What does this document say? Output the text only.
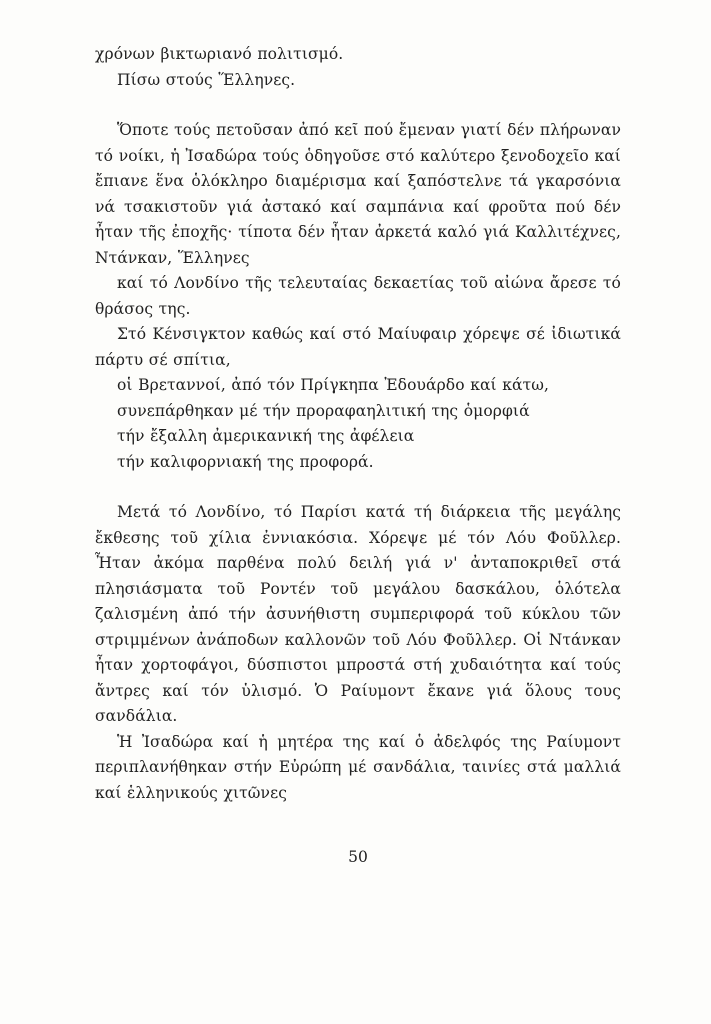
χρόνων βικτωριανό πολιτισμό.

Πίσω στούς Ἕλληνες.

Ὅποτε τούς πετοῦσαν ἀπό κεῖ πού ἔμεναν γιατί δέν πλήρωναν τό νοίκι, ἡ Ἰσαδώρα τούς ὁδηγοῦσε στό καλύτερο ξενοδοχεῖο καί ἔπιανε ἕνα ὁλόκληρο διαμέρισμα καί ξαπόστελνε τά γκαρσόνια νά τσακιστοῦν γιά ἀστακό καί σαμπάνια καί φροῦτα πού δέν ἦταν τῆς ἐποχῆς· τίποτα δέν ἦταν ἀρκετά καλό γιά Καλλιτέχνες, Ντάνκαν, Ἕλληνες

καί τό Λονδίνο τῆς τελευταίας δεκαετίας τοῦ αἰώνα ἄρεσε τό θράσος της.

Στό Κένσιγκτον καθώς καί στό Μαίυφαιρ χόρεψε σέ ἰδιωτικά πάρτυ σέ σπίτια,

οἱ Βρεταννοί, ἀπό τόν Πρίγκηπα Ἐδουάρδο καί κάτω,

συνεπάρθηκαν μέ τήν προραφαηλιτική της ὁμορφιά

τήν ἔξαλλη ἀμερικανική της ἀφέλεια

τήν καλιφορνιακή της προφορά.

Μετά τό Λονδίνο, τό Παρίσι κατά τή διάρκεια τῆς μεγάλης ἔκθεσης τοῦ χίλια ἐννιακόσια. Χόρεψε μέ τόν Λόυ Φοῦλλερ. Ἦταν ἀκόμα παρθένα πολύ δειλή γιά ν' ἀνταποκριθεῖ στά πλησιάσματα τοῦ Ροντέν τοῦ μεγάλου δασκάλου, ὁλότελα ζαλισμένη ἀπό τήν ἀσυνήθιστη συμπεριφορά τοῦ κύκλου τῶν στριμμένων ἀνάποδων καλλονῶν τοῦ Λόυ Φοῦλλερ. Οἱ Ντάνκαν ἦταν χορτοφάγοι, δύσπιστοι μπροστά στή χυδαιότητα καί τούς ἄντρες καί τόν ὑλισμό. Ὁ Ραίυμοντ ἔκανε γιά ὅλους τους σανδάλια.

Ἡ Ἰσαδώρα καί ἡ μητέρα της καί ὁ ἀδελφός της Ραίυμοντ περιπλανήθηκαν στήν Εὐρώπη μέ σανδάλια, ταινίες στά μαλλιά καί ἑλληνικούς χιτῶνες

50
